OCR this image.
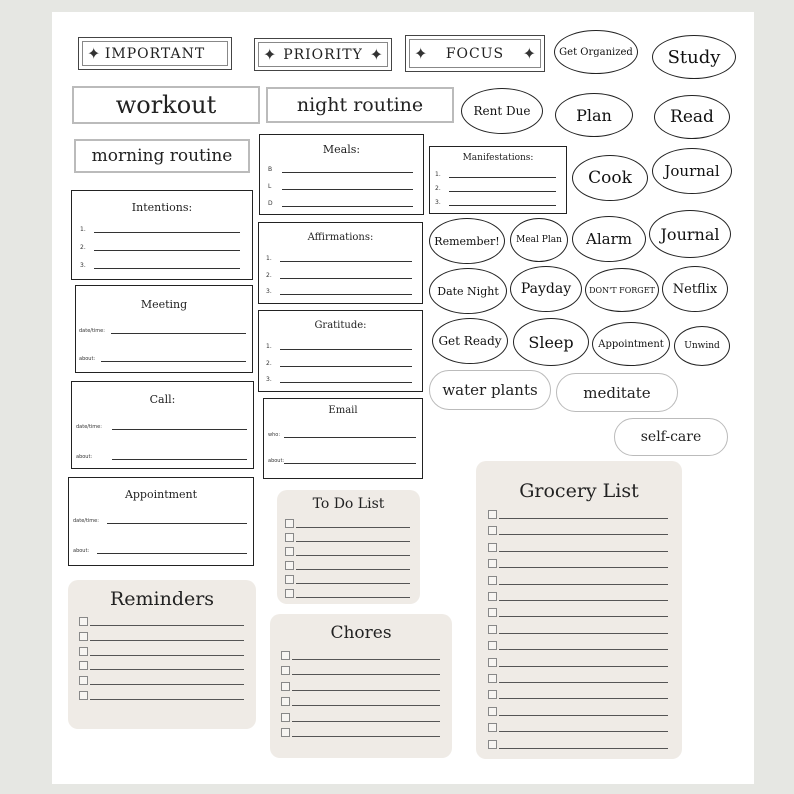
✦ IMPORTANT	✦ PRIORITY ✦ ✦ FOCUS ✦
workout	night routine
morning routine
Get Organized Study
Rent Due	Plan	Read
Cook Journal
Remember! Meal Plan Alarm Journal
Date Night Payday DON'T FORGET Netflix
Get Ready Sleep Appointment Unwind
water plants	meditate
self-care
Meals:
B
L
D
Manifestations:
1.
2.
3.
Intentions:
1.
2.
3.
Affirmations:
1.
2.
3.
Meeting
date/time:
about:
Gratitude:
1.
2.
3.
Call:
date/time:
about:
Email
who:
about:
Appointment
date/time:
about:
To Do List
Grocery List
Reminders
Chores
